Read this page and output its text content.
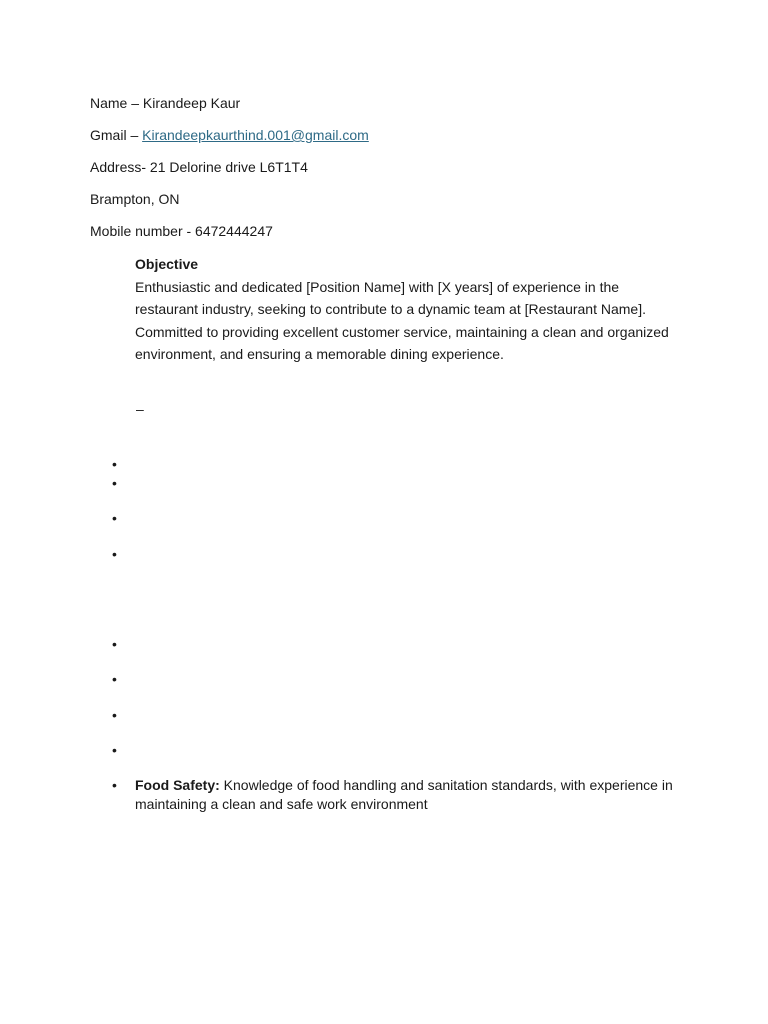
Name – Kirandeep Kaur
Gmail – Kirandeepkaurthind.001@gmail.com
Address- 21 Delorine drive L6T1T4
Brampton, ON
Mobile number - 6472444247

Objective

Enthusiastic and dedicated [Position Name] with [X years] of experience in the restaurant industry, seeking to contribute to a dynamic team at [Restaurant Name]. Committed to providing excellent customer service, maintaining a clean and organized environment, and ensuring a memorable dining experience.

–
•
•
•
•
•
•
•
•
• Food Safety: Knowledge of food handling and sanitation standards, with experience in maintaining a clean and safe work environment
